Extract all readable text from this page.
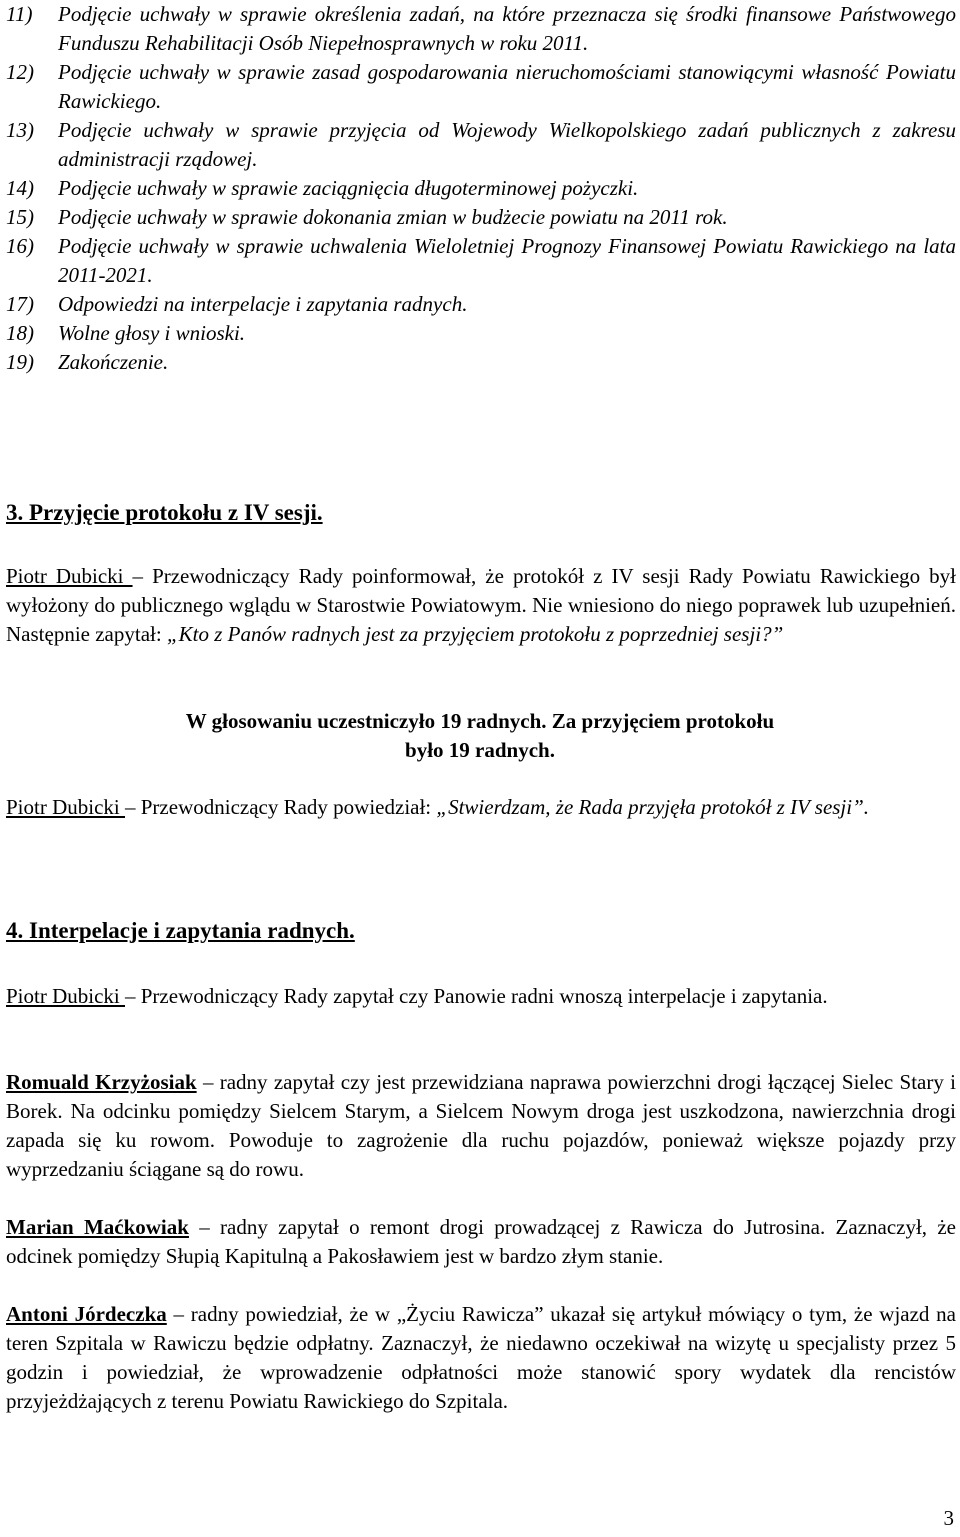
11)	Podjęcie uchwały w sprawie określenia zadań, na które przeznacza się środki finansowe Państwowego Funduszu Rehabilitacji Osób Niepełnosprawnych w roku 2011.
12)	Podjęcie uchwały w sprawie zasad gospodarowania nieruchomościami stanowiącymi własność Powiatu Rawickiego.
13)	Podjęcie uchwały w sprawie przyjęcia od Wojewody Wielkopolskiego zadań publicznych z zakresu administracji rządowej.
14)	Podjęcie uchwały w sprawie zaciągnięcia długoterminowej pożyczki.
15)	Podjęcie uchwały w sprawie dokonania zmian w budżecie powiatu na 2011 rok.
16)	Podjęcie uchwały w sprawie uchwalenia Wieloletniej Prognozy Finansowej Powiatu Rawickiego na lata 2011-2021.
17)	Odpowiedzi na interpelacje i zapytania radnych.
18)	Wolne głosy i wnioski.
19)	Zakończenie.
3. Przyjęcie protokołu z IV sesji.
Piotr Dubicki – Przewodniczący Rady poinformował, że protokół z IV sesji Rady Powiatu Rawickiego był wyłożony do publicznego wglądu w Starostwie Powiatowym. Nie wniesiono do niego poprawek lub uzupełnień. Następnie zapytał: „Kto z Panów radnych jest za przyjęciem protokołu z poprzedniej sesji?”
W głosowaniu uczestniczyło 19 radnych. Za przyjęciem protokołu
było 19 radnych.
Piotr Dubicki – Przewodniczący Rady powiedział: „Stwierdzam, że Rada przyjęła protokół z IV sesji”.
4. Interpelacje i zapytania radnych.
Piotr Dubicki – Przewodniczący Rady zapytał czy Panowie radni wnoszą interpelacje i zapytania.
Romuald Krzyżosiak – radny zapytał czy jest przewidziana naprawa powierzchni drogi łączącej Sielec Stary i Borek. Na odcinku pomiędzy Sielcem Starym, a Sielcem Nowym droga jest uszkodzona, nawierzchnia drogi zapada się ku rowom. Powoduje to zagrożenie dla ruchu pojazdów, ponieważ większe pojazdy przy wyprzedzaniu ściągane są do rowu.
Marian Maćkowiak – radny zapytał o remont drogi prowadzącej z Rawicza do Jutrosina. Zaznaczył, że odcinek pomiędzy Słupią Kapitulną a Pakosławiem jest w bardzo złym stanie.
Antoni Jórdeczka – radny powiedział, że w „Życiu Rawicza” ukazał się artykuł mówiący o tym, że wjazd na teren Szpitala w Rawiczu będzie odpłatny. Zaznaczył, że niedawno oczekiwał na wizytę u specjalisty przez 5 godzin i powiedział, że wprowadzenie odpłatności może stanowić spory wydatek dla rencistów przyjeżdżających z terenu Powiatu Rawickiego do Szpitala.
3
